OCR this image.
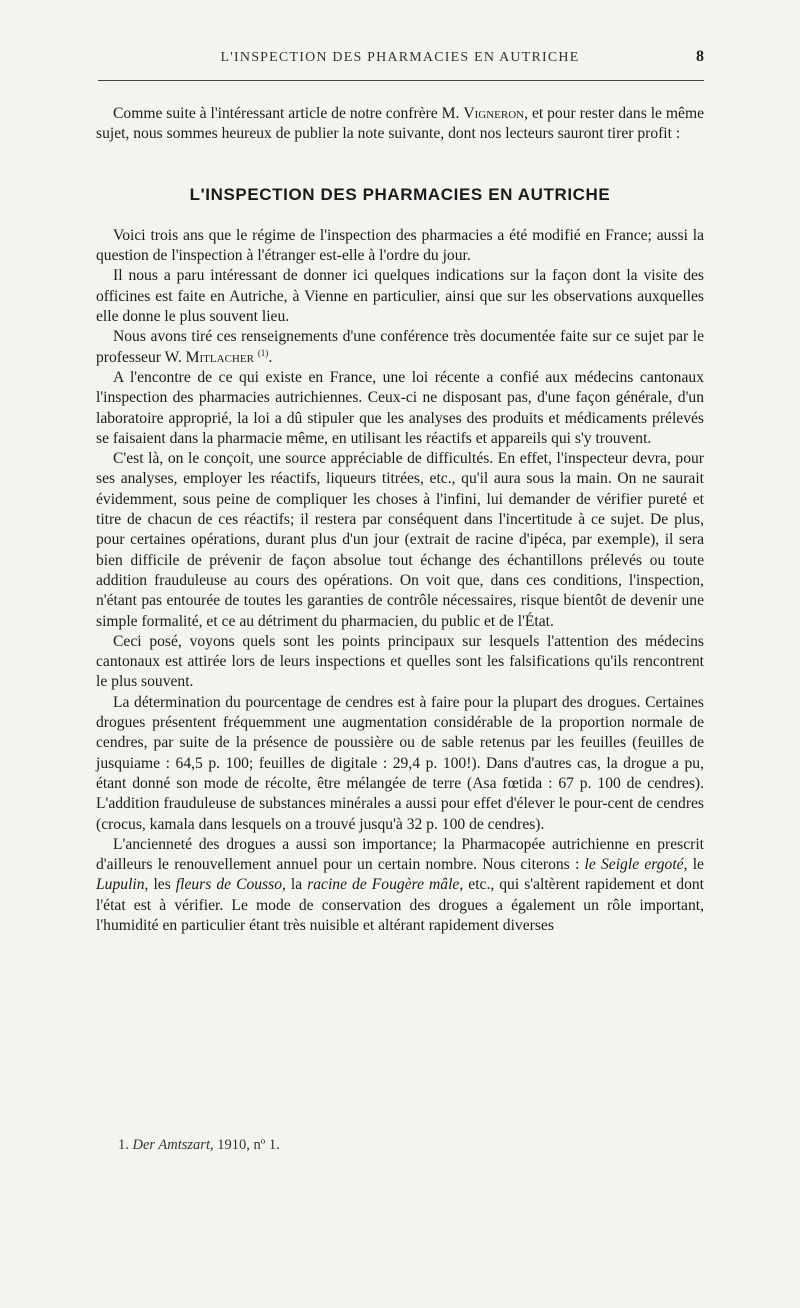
L'INSPECTION DES PHARMACIES EN AUTRICHE	8

Comme suite à l'intéressant article de notre confrère M. Vigneron, et pour rester dans le même sujet, nous sommes heureux de publier la note suivante, dont nos lecteurs sauront tirer profit :

L'INSPECTION DES PHARMACIES EN AUTRICHE

Voici trois ans que le régime de l'inspection des pharmacies a été modifié en France; aussi la question de l'inspection à l'étranger est-elle à l'ordre du jour.

Il nous a paru intéressant de donner ici quelques indications sur la façon dont la visite des officines est faite en Autriche, à Vienne en particulier, ainsi que sur les observations auxquelles elle donne le plus souvent lieu.

Nous avons tiré ces renseignements d'une conférence très documentée faite sur ce sujet par le professeur W. Mitlacher $^{(1)}$.

A l'encontre de ce qui existe en France, une loi récente a confié aux médecins cantonaux l'inspection des pharmacies autrichiennes. Ceux-ci ne disposant pas, d'une façon générale, d'un laboratoire approprié, la loi a dû stipuler que les analyses des produits et médicaments prélevés se faisaient dans la pharmacie même, en utilisant les réactifs et appareils qui s'y trouvent.

C'est là, on le conçoit, une source appréciable de difficultés. En effet, l'inspecteur devra, pour ses analyses, employer les réactifs, liqueurs titrées, etc., qu'il aura sous la main. On ne saurait évidemment, sous peine de compliquer les choses à l'infini, lui demander de vérifier pureté et titre de chacun de ces réactifs; il restera par conséquent dans l'incertitude à ce sujet. De plus, pour certaines opérations, durant plus d'un jour (extrait de racine d'ipéca, par exemple), il sera bien difficile de prévenir de façon absolue tout échange des échantillons prélevés ou toute addition frauduleuse au cours des opérations. On voit que, dans ces conditions, l'inspection, n'étant pas entourée de toutes les garanties de contrôle nécessaires, risque bientôt de devenir une simple formalité, et ce au détriment du pharmacien, du public et de l'État.

Ceci posé, voyons quels sont les points principaux sur lesquels l'attention des médecins cantonaux est attirée lors de leurs inspections et quelles sont les falsifications qu'ils rencontrent le plus souvent.

La détermination du pourcentage de cendres est à faire pour la plupart des drogues. Certaines drogues présentent fréquemment une augmentation considérable de la proportion normale de cendres, par suite de la présence de poussière ou de sable retenus par les feuilles (feuilles de jusquiame : 64,5 p. 100; feuilles de digitale : 29,4 p. 100!). Dans d'autres cas, la drogue a pu, étant donné son mode de récolte, être mélangée de terre (Asa fœtida : 67 p. 100 de cendres). L'addition frauduleuse de substances minérales a aussi pour effet d'élever le pour-cent de cendres (crocus, kamala dans lesquels on a trouvé jusqu'à 32 p. 100 de cendres).

L'ancienneté des drogues a aussi son importance; la Pharmacopée autrichienne en prescrit d'ailleurs le renouvellement annuel pour un certain nombre. Nous citerons : le Seigle ergoté, le Lupulin, les fleurs de Cousso, la racine de Fougère mâle, etc., qui s'altèrent rapidement et dont l'état est à vérifier. Le mode de conservation des drogues a également un rôle important, l'humidité en particulier étant très nuisible et altérant rapidement diverses

1. Der Amtszart, 1910, nº 1.
